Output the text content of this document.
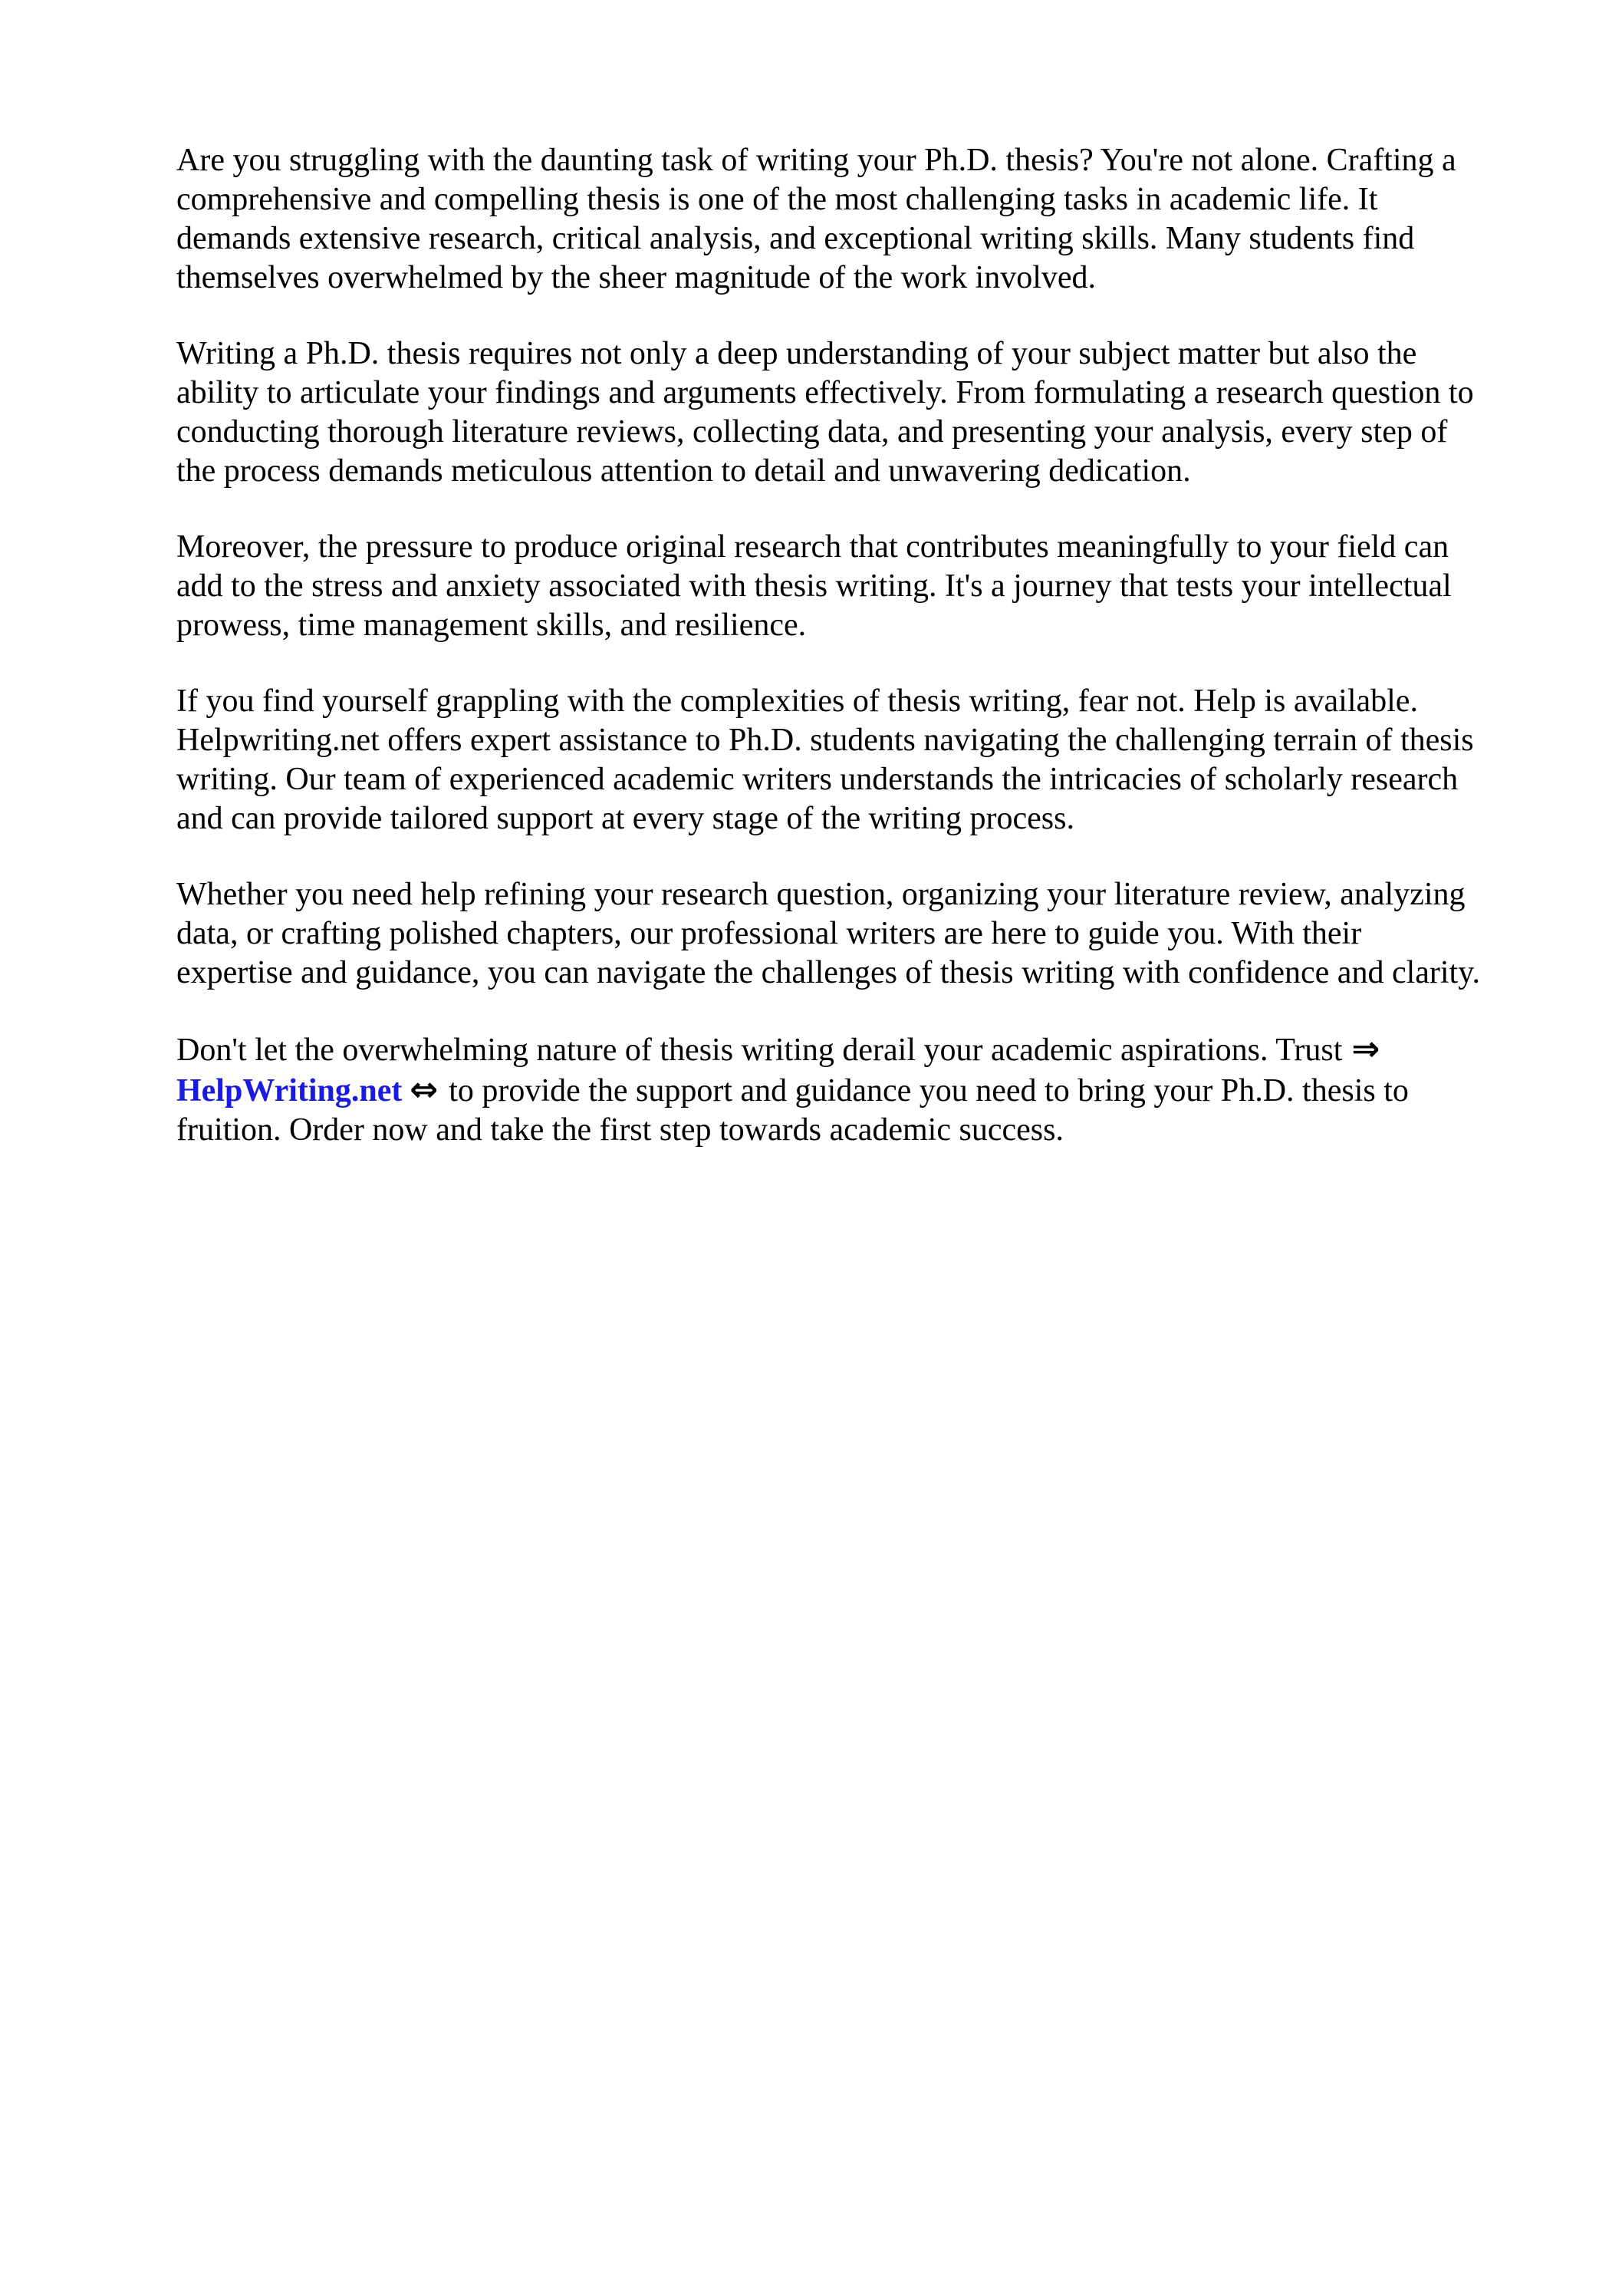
Are you struggling with the daunting task of writing your Ph.D. thesis? You're not alone. Crafting a
comprehensive and compelling thesis is one of the most challenging tasks in academic life. It
demands extensive research, critical analysis, and exceptional writing skills. Many students find
themselves overwhelmed by the sheer magnitude of the work involved.
Writing a Ph.D. thesis requires not only a deep understanding of your subject matter but also the
ability to articulate your findings and arguments effectively. From formulating a research question to
conducting thorough literature reviews, collecting data, and presenting your analysis, every step of
the process demands meticulous attention to detail and unwavering dedication.
Moreover, the pressure to produce original research that contributes meaningfully to your field can
add to the stress and anxiety associated with thesis writing. It's a journey that tests your intellectual
prowess, time management skills, and resilience.
If you find yourself grappling with the complexities of thesis writing, fear not. Help is available.
Helpwriting.net offers expert assistance to Ph.D. students navigating the challenging terrain of thesis
writing. Our team of experienced academic writers understands the intricacies of scholarly research
and can provide tailored support at every stage of the writing process.
Whether you need help refining your research question, organizing your literature review, analyzing
data, or crafting polished chapters, our professional writers are here to guide you. With their
expertise and guidance, you can navigate the challenges of thesis writing with confidence and clarity.
Don't let the overwhelming nature of thesis writing derail your academic aspirations. Trust ⇒
HelpWriting.net ⇔ to provide the support and guidance you need to bring your Ph.D. thesis to
fruition. Order now and take the first step towards academic success.
